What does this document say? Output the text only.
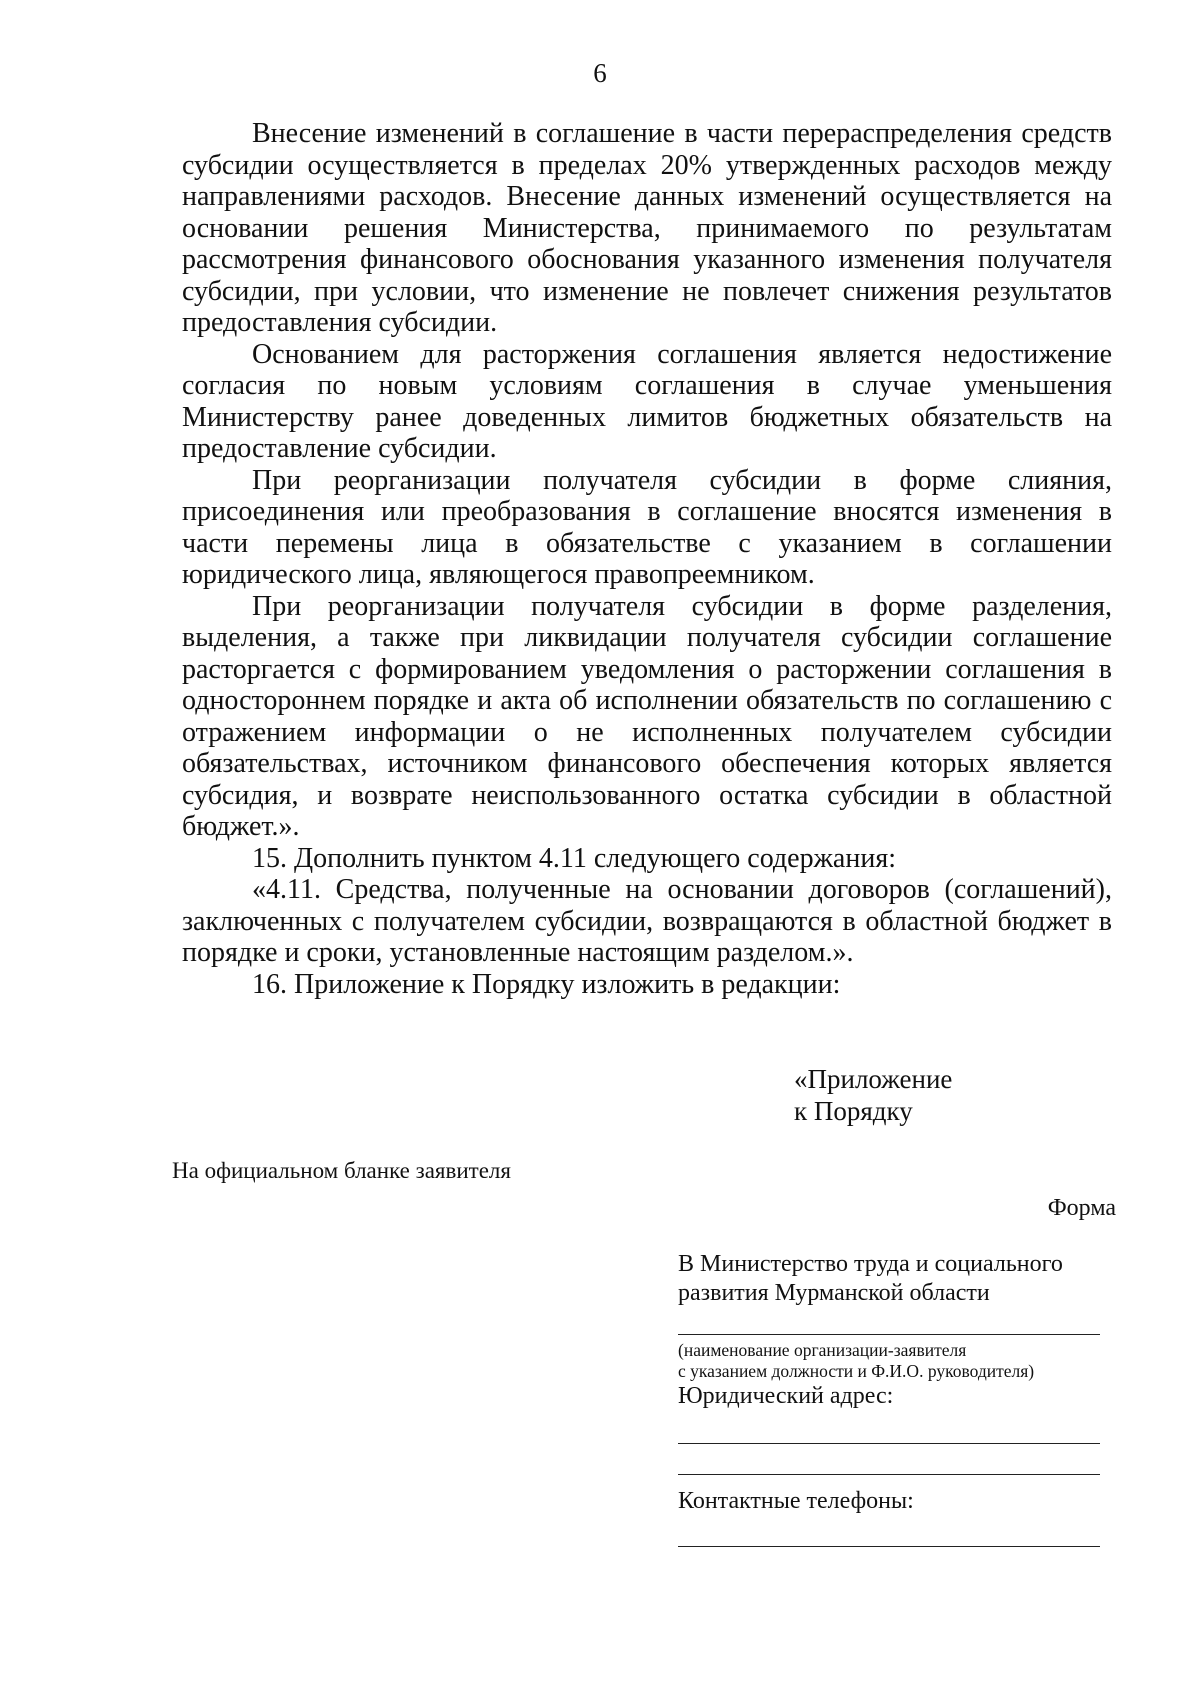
6

Внесение изменений в соглашение в части перераспределения средств субсидии осуществляется в пределах 20% утвержденных расходов между направлениями расходов. Внесение данных изменений осуществляется на основании решения Министерства, принимаемого по результатам рассмотрения финансового обоснования указанного изменения получателя субсидии, при условии, что изменение не повлечет снижения результатов предоставления субсидии.

Основанием для расторжения соглашения является недостижение согласия по новым условиям соглашения в случае уменьшения Министерству ранее доведенных лимитов бюджетных обязательств на предоставление субсидии.

При реорганизации получателя субсидии в форме слияния, присоединения или преобразования в соглашение вносятся изменения в части перемены лица в обязательстве с указанием в соглашении юридического лица, являющегося правопреемником.

При реорганизации получателя субсидии в форме разделения, выделения, а также при ликвидации получателя субсидии соглашение расторгается с формированием уведомления о расторжении соглашения в одностороннем порядке и акта об исполнении обязательств по соглашению с отражением информации о не исполненных получателем субсидии обязательствах, источником финансового обеспечения которых является субсидия, и возврате неиспользованного остатка субсидии в областной бюджет.».

15. Дополнить пунктом 4.11 следующего содержания:

«4.11. Средства, полученные на основании договоров (соглашений), заключенных с получателем субсидии, возвращаются в областной бюджет в порядке и сроки, установленные настоящим разделом.».

16. Приложение к Порядку изложить в редакции:

«Приложение
к Порядку
На официальном бланке заявителя
Форма
В Министерство труда и социального
развития Мурманской области
(наименование организации-заявителя
с указанием должности и Ф.И.О. руководителя)
Юридический адрес:
Контактные телефоны:
